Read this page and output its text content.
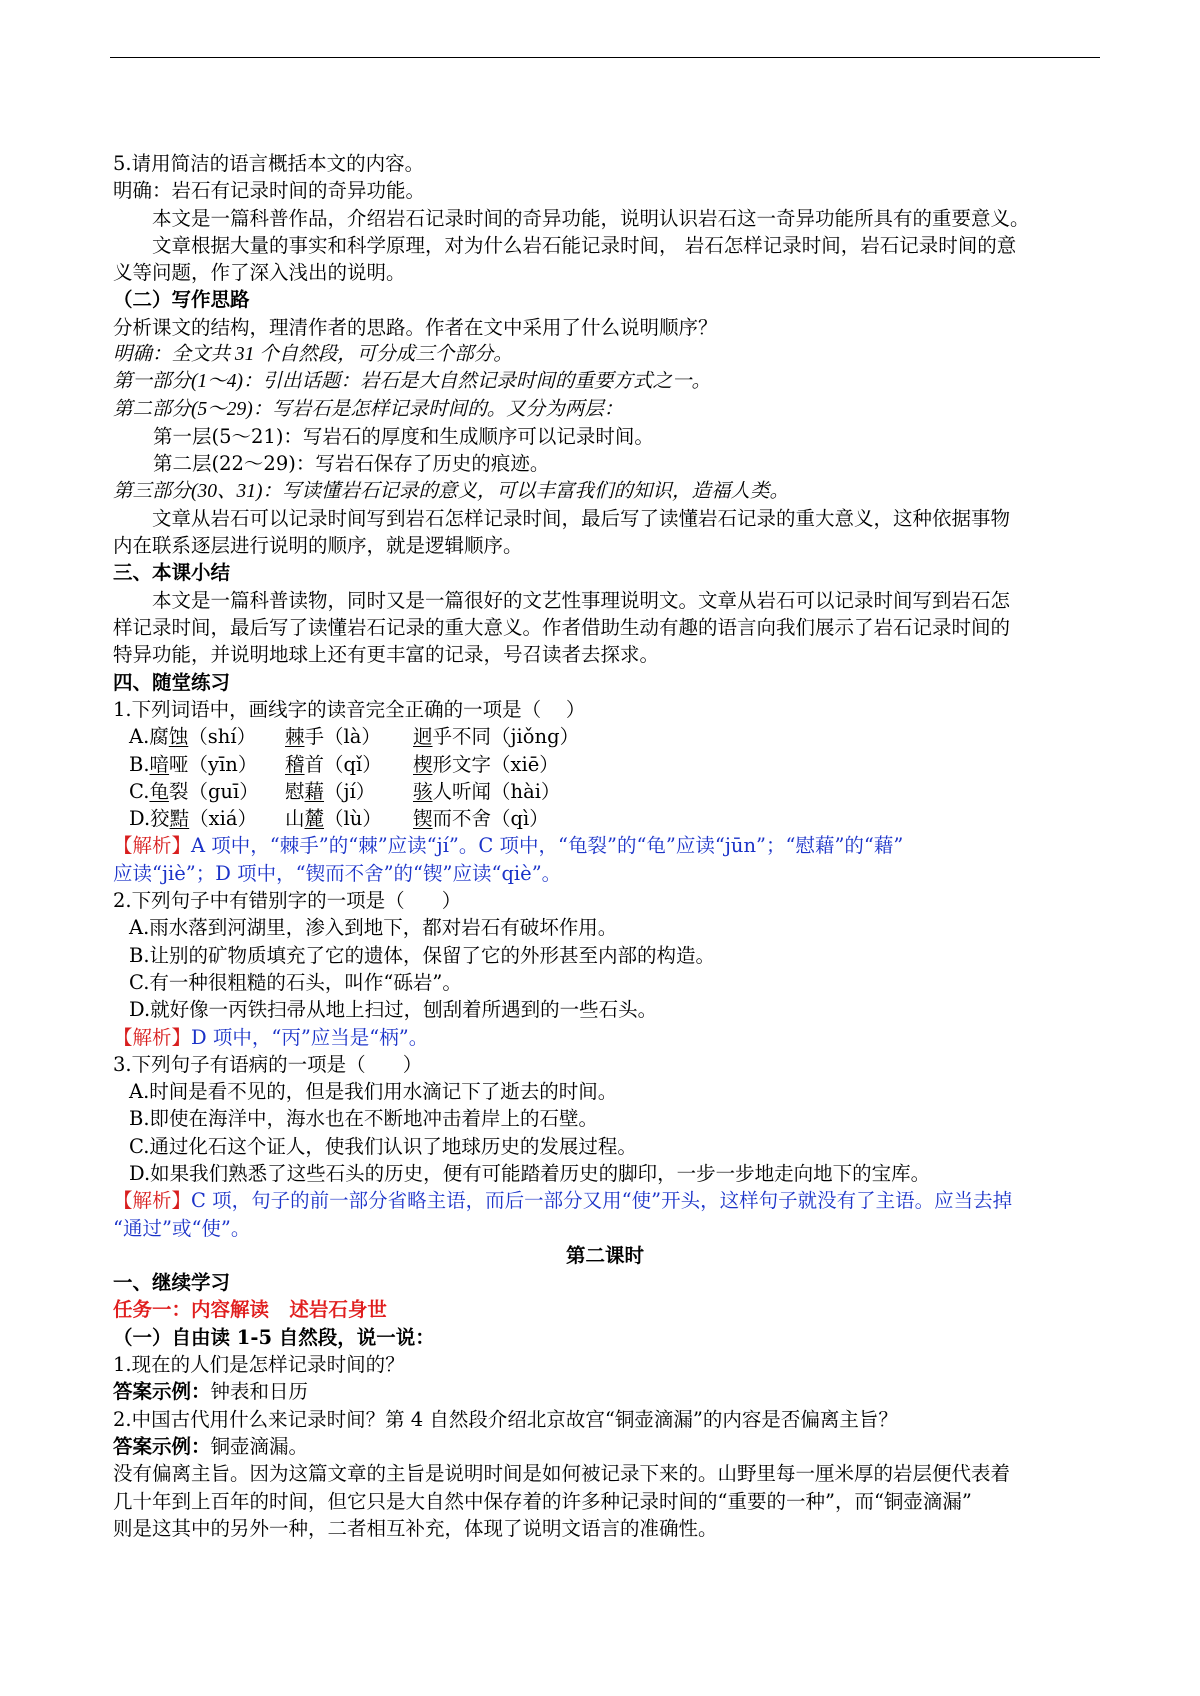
5.请用简洁的语言概括本文的内容。
明确：岩石有记录时间的奇异功能。
本文是一篇科普作品，介绍岩石记录时间的奇异功能，说明认识岩石这一奇异功能所具有的重要意义。
文章根据大量的事实和科学原理，对为什么岩石能记录时间， 岩石怎样记录时间，岩石记录时间的意
义等问题，作了深入浅出的说明。
（二）写作思路
分析课文的结构，理清作者的思路。作者在文中采用了什么说明顺序？
明确：全文共 31 个自然段，可分成三个部分。
第一部分(1～4)：引出话题：岩石是大自然记录时间的重要方式之一。
第二部分(5～29)：写岩石是怎样记录时间的。又分为两层：
第一层(5～21)：写岩石的厚度和生成顺序可以记录时间。
第二层(22～29)：写岩石保存了历史的痕迹。
第三部分(30、31)：写读懂岩石记录的意义，可以丰富我们的知识，造福人类。
文章从岩石可以记录时间写到岩石怎样记录时间，最后写了读懂岩石记录的重大意义，这种依据事物
内在联系逐层进行说明的顺序，就是逻辑顺序。
三、本课小结
本文是一篇科普读物，同时又是一篇很好的文艺性事理说明文。文章从岩石可以记录时间写到岩石怎
样记录时间，最后写了读懂岩石记录的重大意义。作者借助生动有趣的语言向我们展示了岩石记录时间的
特异功能，并说明地球上还有更丰富的记录，号召读者去探求。
四、随堂练习
1.下列词语中，画线字的读音完全正确的一项是（    ）
A.腐蚀（shí）	棘手（là）	迥乎不同（jiǒng）
B.喑哑（yīn）	稽首（qǐ）	楔形文字（xiē）
C.龟裂（guī）	慰藉（jí）	骇人听闻（hài）
D.狡黠（xiá）	山麓（lù）	锲而不舍（qì）
【解析】A 项中，“棘手”的“棘”应读“jí”。C 项中，“龟裂”的“龟”应读“jūn”；“慰藉”的“藉”
应读“jiè”；D 项中，“锲而不舍”的“锲”应读“qiè”。
2.下列句子中有错别字的一项是（      ）
A.雨水落到河湖里，渗入到地下，都对岩石有破坏作用。
B.让别的矿物质填充了它的遗体，保留了它的外形甚至内部的构造。
C.有一种很粗糙的石头，叫作“砾岩”。
D.就好像一丙铁扫帚从地上扫过，刨刮着所遇到的一些石头。
【解析】D 项中，“丙”应当是“柄”。
3.下列句子有语病的一项是（      ）
A.时间是看不见的，但是我们用水滴记下了逝去的时间。
B.即使在海洋中，海水也在不断地冲击着岸上的石壁。
C.通过化石这个证人，使我们认识了地球历史的发展过程。
D.如果我们熟悉了这些石头的历史，便有可能踏着历史的脚印，一步一步地走向地下的宝库。
【解析】C 项，句子的前一部分省略主语，而后一部分又用“使”开头，这样句子就没有了主语。应当去掉
“通过”或“使”。
第二课时
一、继续学习
任务一：内容解读   述岩石身世
（一）自由读 1-5 自然段，说一说：
1.现在的人们是怎样记录时间的？
答案示例：钟表和日历
2.中国古代用什么来记录时间？第 4 自然段介绍北京故宫“铜壶滴漏”的内容是否偏离主旨？
答案示例：铜壶滴漏。
没有偏离主旨。因为这篇文章的主旨是说明时间是如何被记录下来的。山野里每一厘米厚的岩层便代表着
几十年到上百年的时间，但它只是大自然中保存着的许多种记录时间的“重要的一种”，而“铜壶滴漏”
则是这其中的另外一种，二者相互补充，体现了说明文语言的准确性。
